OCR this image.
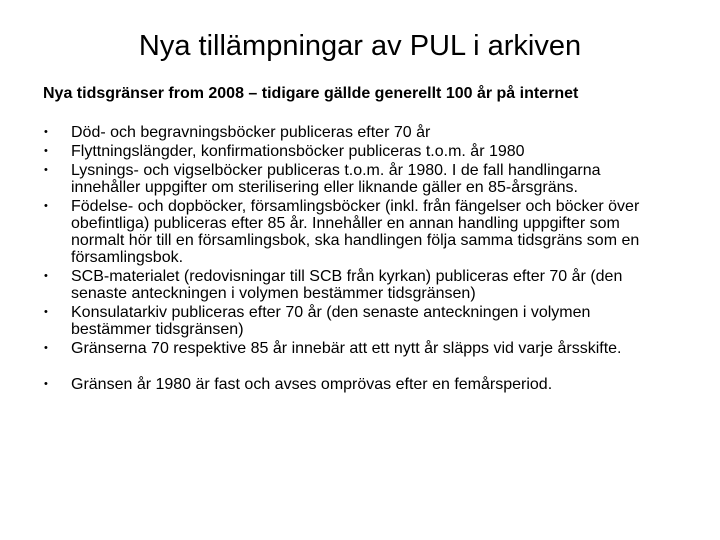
Nya tillämpningar av PUL i arkiven
Nya tidsgränser from 2008 – tidigare gällde generellt 100 år på internet
• Död- och begravningsböcker publiceras efter 70 år
• Flyttningslängder, konfirmationsböcker publiceras t.o.m. år 1980
• Lysnings- och vigselböcker publiceras t.o.m. år 1980. I de fall handlingarna innehåller uppgifter om sterilisering eller liknande gäller en 85-årsgräns.
• Födelse- och dopböcker, församlingsböcker (inkl. från fängelser och böcker över obefintliga) publiceras efter 85 år. Innehåller en annan handling uppgifter som normalt hör till en församlingsbok, ska handlingen följa samma tidsgräns som en församlingsbok.
• SCB-materialet (redovisningar till SCB från kyrkan) publiceras efter 70 år (den senaste anteckningen i volymen bestämmer tidsgränsen)
• Konsulatarkiv publiceras efter 70 år (den senaste anteckningen i volymen bestämmer tidsgränsen)
• Gränserna 70 respektive 85 år innebär att ett nytt år släpps vid varje årsskifte.
• Gränsen år 1980 är fast och avses omprövas efter en femårsperiod.
